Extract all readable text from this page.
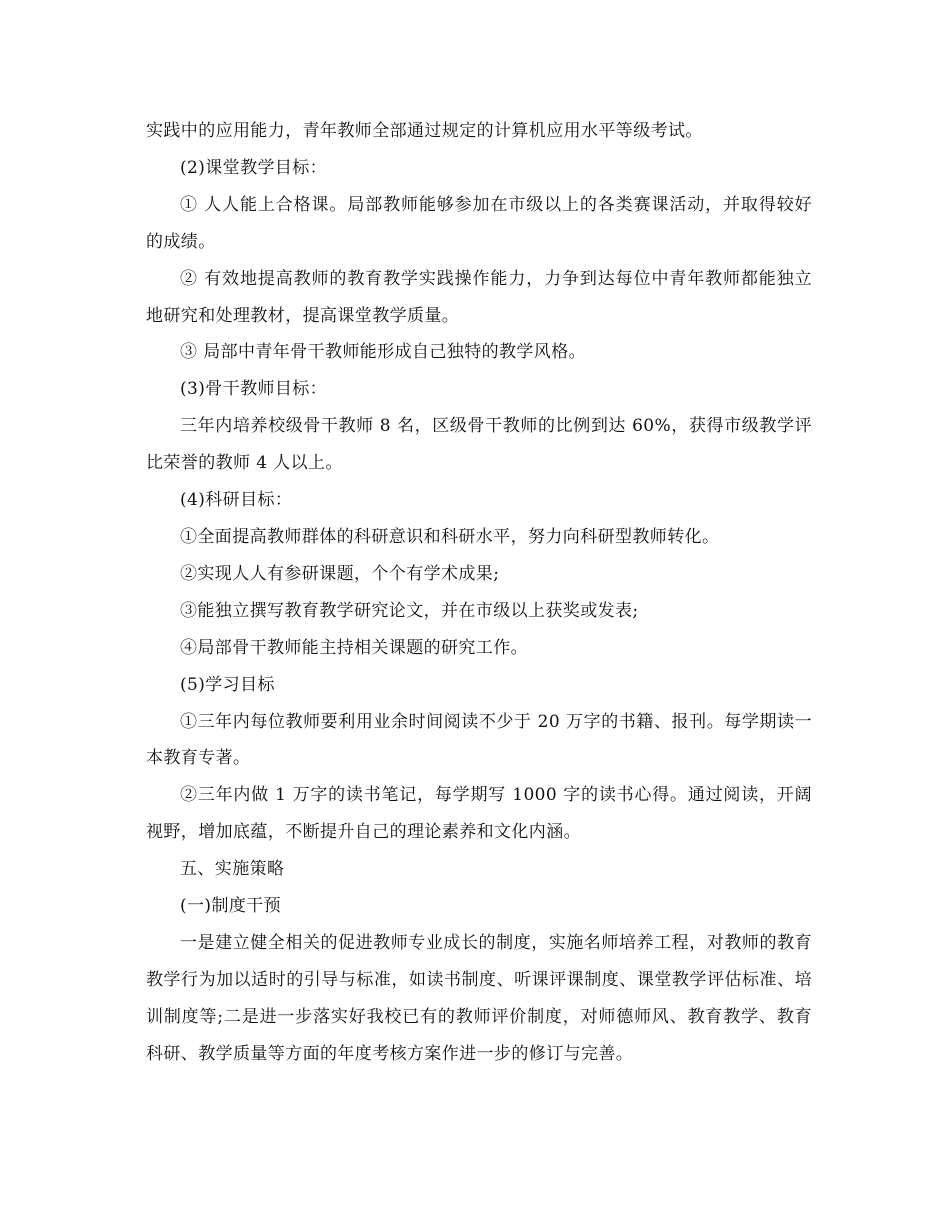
实践中的应用能力，青年教师全部通过规定的计算机应用水平等级考试。

(2)课堂教学目标：

① 人人能上合格课。局部教师能够参加在市级以上的各类赛课活动，并取得较好的成绩。

② 有效地提高教师的教育教学实践操作能力，力争到达每位中青年教师都能独立地研究和处理教材，提高课堂教学质量。

③ 局部中青年骨干教师能形成自己独特的教学风格。

(3)骨干教师目标：

三年内培养校级骨干教师 8 名，区级骨干教师的比例到达 60%，获得市级教学评比荣誉的教师 4 人以上。

(4)科研目标：

①全面提高教师群体的科研意识和科研水平，努力向科研型教师转化。

②实现人人有参研课题，个个有学术成果;

③能独立撰写教育教学研究论文，并在市级以上获奖或发表;

④局部骨干教师能主持相关课题的研究工作。

(5)学习目标

①三年内每位教师要利用业余时间阅读不少于 20 万字的书籍、报刊。每学期读一本教育专著。

②三年内做 1 万字的读书笔记，每学期写 1000 字的读书心得。通过阅读，开阔视野，增加底蕴，不断提升自己的理论素养和文化内涵。

五、实施策略

(一)制度干预

一是建立健全相关的促进教师专业成长的制度，实施名师培养工程，对教师的教育教学行为加以适时的引导与标准，如读书制度、听课评课制度、课堂教学评估标准、培训制度等;二是进一步落实好我校已有的教师评价制度，对师德师风、教育教学、教育科研、教学质量等方面的年度考核方案作进一步的修订与完善。
